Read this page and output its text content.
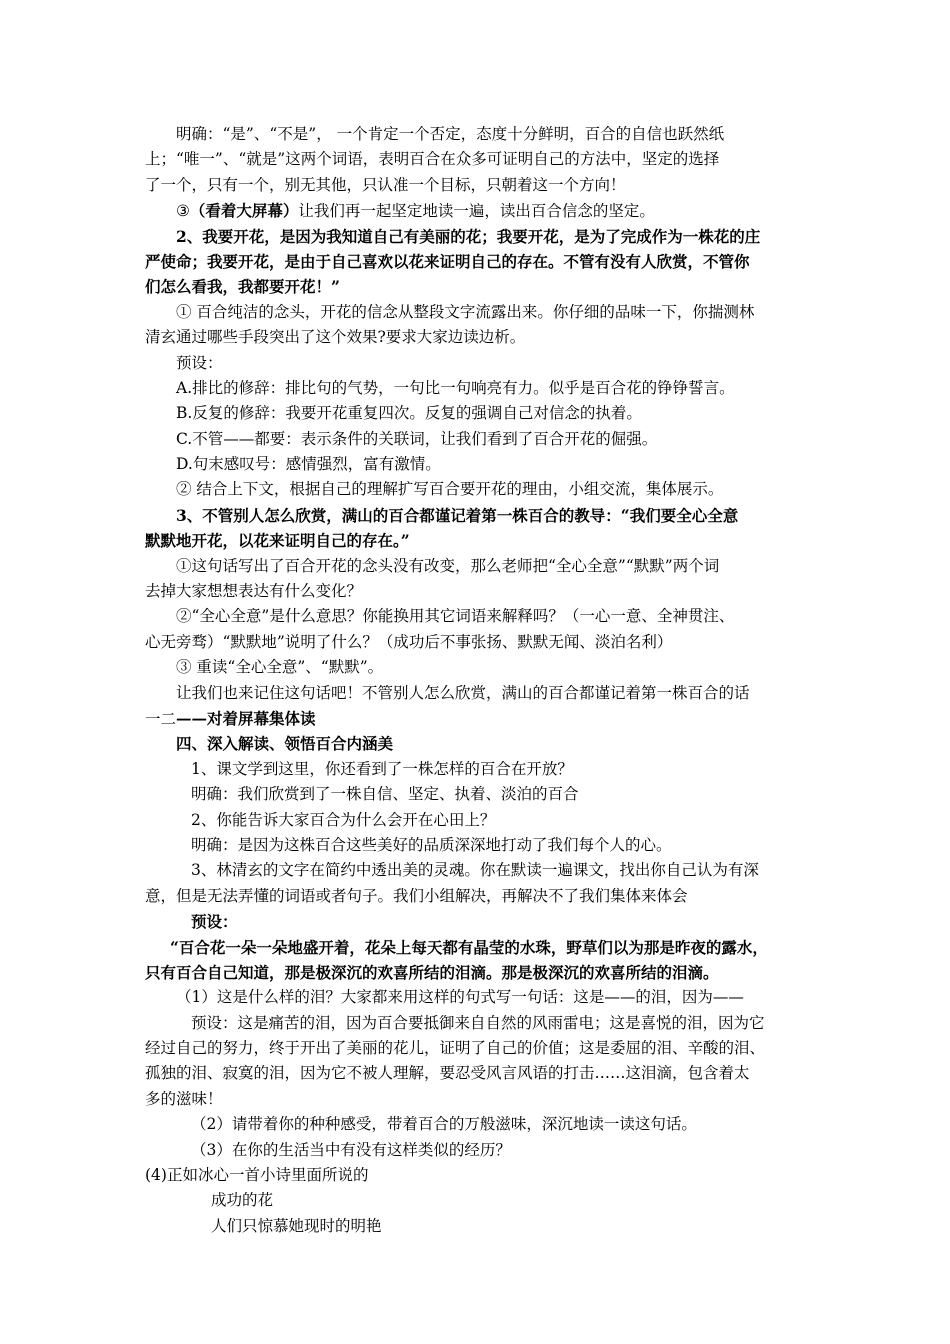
明确：“是”、“不是”， 一个肯定一个否定，态度十分鲜明，百合的自信也跃然纸
上；“唯一”、“就是”这两个词语，表明百合在众多可证明自己的方法中，坚定的选择
了一个，只有一个，别无其他，只认准一个目标，只朝着这一个方向！
③（看着大屏幕）让我们再一起坚定地读一遍，读出百合信念的坚定。
2、我要开花，是因为我知道自己有美丽的花；我要开花，是为了完成作为一株花的庄
严使命；我要开花，是由于自己喜欢以花来证明自己的存在。不管有没有人欣赏，不管你
们怎么看我，我都要开花！”
① 百合纯洁的念头，开花的信念从整段文字流露出来。你仔细的品味一下，你揣测林
清玄通过哪些手段突出了这个效果?要求大家边读边析。
预设：
A.排比的修辞：排比句的气势，一句比一句响亮有力。似乎是百合花的铮铮誓言。
B.反复的修辞：我要开花重复四次。反复的强调自己对信念的执着。
C.不管——都要：表示条件的关联词，让我们看到了百合开花的倔强。
D.句末感叹号：感情强烈，富有激情。
② 结合上下文，根据自己的理解扩写百合要开花的理由，小组交流，集体展示。
3、不管别人怎么欣赏，满山的百合都谨记着第一株百合的教导：“我们要全心全意
默默地开花，以花来证明自己的存在。”
①这句话写出了百合开花的念头没有改变，那么老师把“全心全意”“默默”两个词
去掉大家想想表达有什么变化？
②“全心全意”是什么意思？你能换用其它词语来解释吗？（一心一意、全神贯注、
心无旁骛）“默默地”说明了什么？（成功后不事张扬、默默无闻、淡泊名利）
③ 重读“全心全意”、“默默”。
让我们也来记住这句话吧！不管别人怎么欣赏，满山的百合都谨记着第一株百合的话
一二——对着屏幕集体读
四、深入解读、领悟百合内涵美
1、课文学到这里，你还看到了一株怎样的百合在开放？
明确：我们欣赏到了一株自信、坚定、执着、淡泊的百合
2、你能告诉大家百合为什么会开在心田上？
明确：是因为这株百合这些美好的品质深深地打动了我们每个人的心。
3、林清玄的文字在简约中透出美的灵魂。你在默读一遍课文，找出你自己认为有深
意，但是无法弄懂的词语或者句子。我们小组解决，再解决不了我们集体来体会
预设：
“百合花一朵一朵地盛开着，花朵上每天都有晶莹的水珠，野草们以为那是昨夜的露水，
只有百合自己知道，那是极深沉的欢喜所结的泪滴。那是极深沉的欢喜所结的泪滴。
（1）这是什么样的泪？大家都来用这样的句式写一句话：这是——的泪，因为——
预设：这是痛苦的泪，因为百合要抵御来自自然的风雨雷电；这是喜悦的泪，因为它
经过自己的努力，终于开出了美丽的花儿，证明了自己的价值；这是委屈的泪、辛酸的泪、
孤独的泪、寂寞的泪，因为它不被人理解，要忍受风言风语的打击……这泪滴，包含着太
多的滋味！
（2）请带着你的种种感受，带着百合的万般滋味，深沉地读一读这句话。
（3）在你的生活当中有没有这样类似的经历？
(4)正如冰心一首小诗里面所说的
成功的花
人们只惊慕她现时的明艳
